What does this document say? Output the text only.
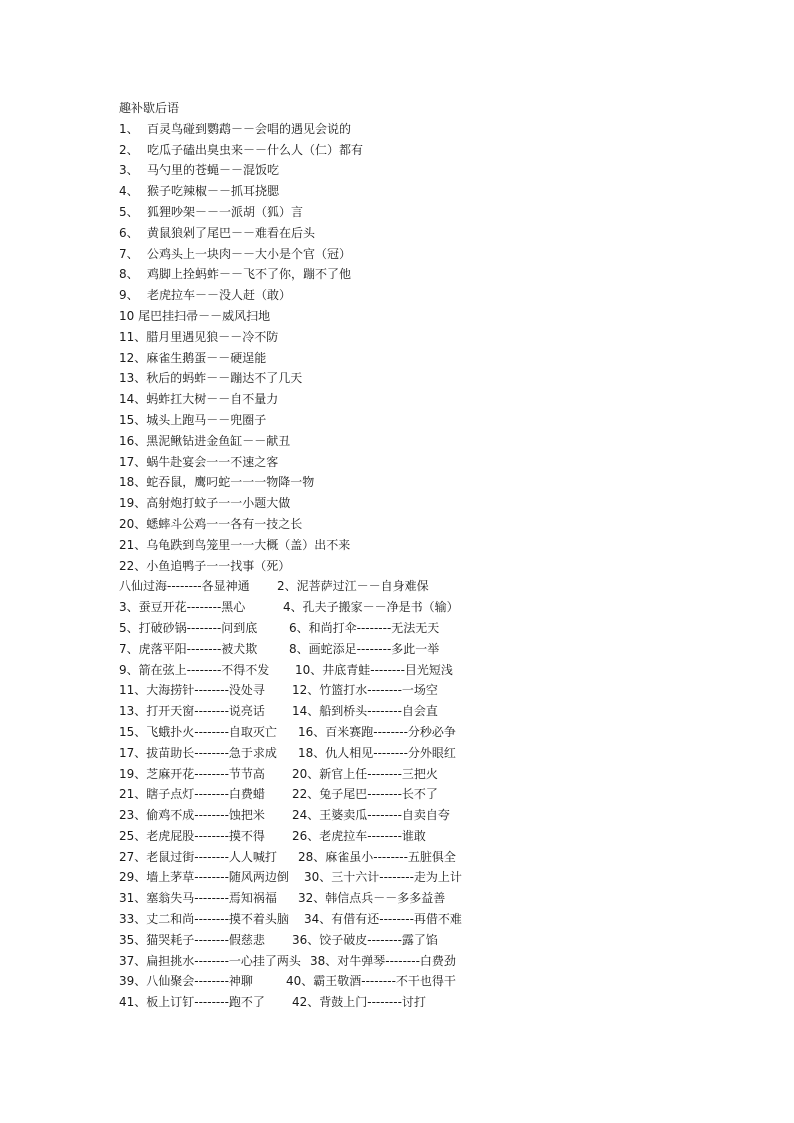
趣补歇后语
1、 百灵鸟碰到鹦鹉－－会唱的遇见会说的
2、 吃瓜子磕出臭虫来－－什么人（仁）都有
3、 马勺里的苍蝇－－混饭吃
4、 猴子吃辣椒－－抓耳挠腮
5、 狐狸吵架－－一派胡（狐）言
6、 黄鼠狼剁了尾巴－－难看在后头
7、 公鸡头上一块肉－－大小是个官（冠）
8、 鸡脚上拴蚂蚱－－飞不了你，蹦不了他
9、 老虎拉车－－没人赶（敢）
10 尾巴挂扫帚－－威风扫地
11、腊月里遇见狼－－冷不防
12、麻雀生鹅蛋－－硬逞能
13、秋后的蚂蚱－－蹦达不了几天
14、蚂蚱扛大树－－自不量力
15、城头上跑马－－兜圈子
16、黑泥鳅钻进金鱼缸－－献丑
17、蜗牛赴宴会一一不速之客
18、蛇吞鼠，鹰叼蛇一一一物降一物
19、高射炮打蚊子一一小题大做
20、蟋蟀斗公鸡一一各有一技之长
21、乌龟跌到鸟笼里一一大概（盖）出不来
22、小鱼追鸭子一一找事（死）
八仙过海--------各显神通 2、泥菩萨过江－－自身难保
3、蚕豆开花--------黑心	4、孔夫子搬家－－净是书（输）
5、打破砂锅--------问到底	6、和尚打伞--------无法无天
7、虎落平阳--------被犬欺	8、画蛇添足--------多此一举
9、箭在弦上--------不得不发 10、井底青蛙--------目光短浅
11、大海捞针--------没处寻 12、竹篮打水--------一场空
13、打开天窗--------说亮话 14、船到桥头--------自会直
15、飞蛾扑火--------自取灭亡 16、百米赛跑--------分秒必争
17、拔苗助长--------急于求成 18、仇人相见--------分外眼红
19、芝麻开花--------节节高 20、新官上任--------三把火
21、瞎子点灯--------白费蜡 22、兔子尾巴--------长不了
23、偷鸡不成--------蚀把米 24、王婆卖瓜--------自卖自夸
25、老虎屁股--------摸不得 26、老虎拉车--------谁敢
27、老鼠过街--------人人喊打 28、麻雀虽小--------五脏俱全
29、墙上茅草--------随风两边倒 30、三十六计--------走为上计
31、塞翁失马--------焉知祸福 32、韩信点兵－－多多益善
33、丈二和尚--------摸不着头脑 34、有借有还--------再借不难
35、猫哭耗子--------假慈悲 36、饺子破皮--------露了馅
37、扁担挑水--------一心挂了两头 38、对牛弹琴--------白费劲
39、八仙聚会--------神聊	40、霸王敬酒--------不干也得干
41、板上订钉--------跑不了 42、背鼓上门--------讨打
